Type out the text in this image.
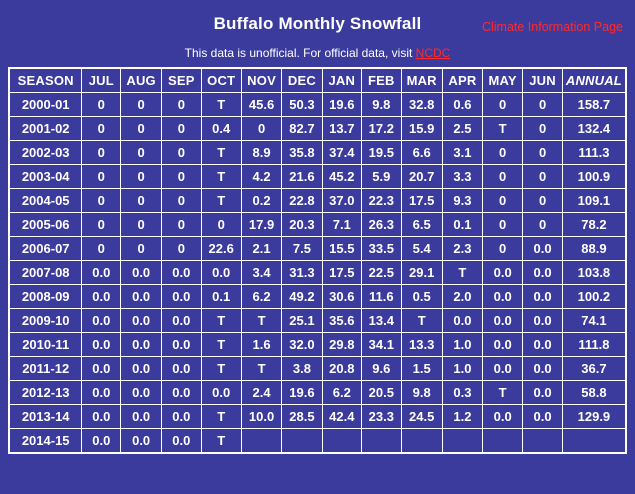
Buffalo Monthly Snowfall	Climate Information Page
This data is unofficial. For official data, visit NCDC
SEASON	JUL	AUG	SEP	OCT	NOV	DEC	JAN	FEB	MAR	APR	MAY	JUN	ANNUAL
2000-01	0	0	0	T	45.6	50.3	19.6	9.8	32.8	0.6	0	0	158.7
2001-02	0	0	0	0.4	0	82.7	13.7	17.2	15.9	2.5	T	0	132.4
2002-03	0	0	0	T	8.9	35.8	37.4	19.5	6.6	3.1	0	0	111.3
2003-04	0	0	0	T	4.2	21.6	45.2	5.9	20.7	3.3	0	0	100.9
2004-05	0	0	0	T	0.2	22.8	37.0	22.3	17.5	9.3	0	0	109.1
2005-06	0	0	0	0	17.9	20.3	7.1	26.3	6.5	0.1	0	0	78.2
2006-07	0	0	0	22.6	2.1	7.5	15.5	33.5	5.4	2.3	0	0.0	88.9
2007-08	0.0	0.0	0.0	0.0	3.4	31.3	17.5	22.5	29.1	T	0.0	0.0	103.8
2008-09	0.0	0.0	0.0	0.1	6.2	49.2	30.6	11.6	0.5	2.0	0.0	0.0	100.2
2009-10	0.0	0.0	0.0	T	T	25.1	35.6	13.4	T	0.0	0.0	0.0	74.1
2010-11	0.0	0.0	0.0	T	1.6	32.0	29.8	34.1	13.3	1.0	0.0	0.0	111.8
2011-12	0.0	0.0	0.0	T	T	3.8	20.8	9.6	1.5	1.0	0.0	0.0	36.7
2012-13	0.0	0.0	0.0	0.0	2.4	19.6	6.2	20.5	9.8	0.3	T	0.0	58.8
2013-14	0.0	0.0	0.0	T	10.0	28.5	42.4	23.3	24.5	1.2	0.0	0.0	129.9
2014-15	0.0	0.0	0.0	T									
